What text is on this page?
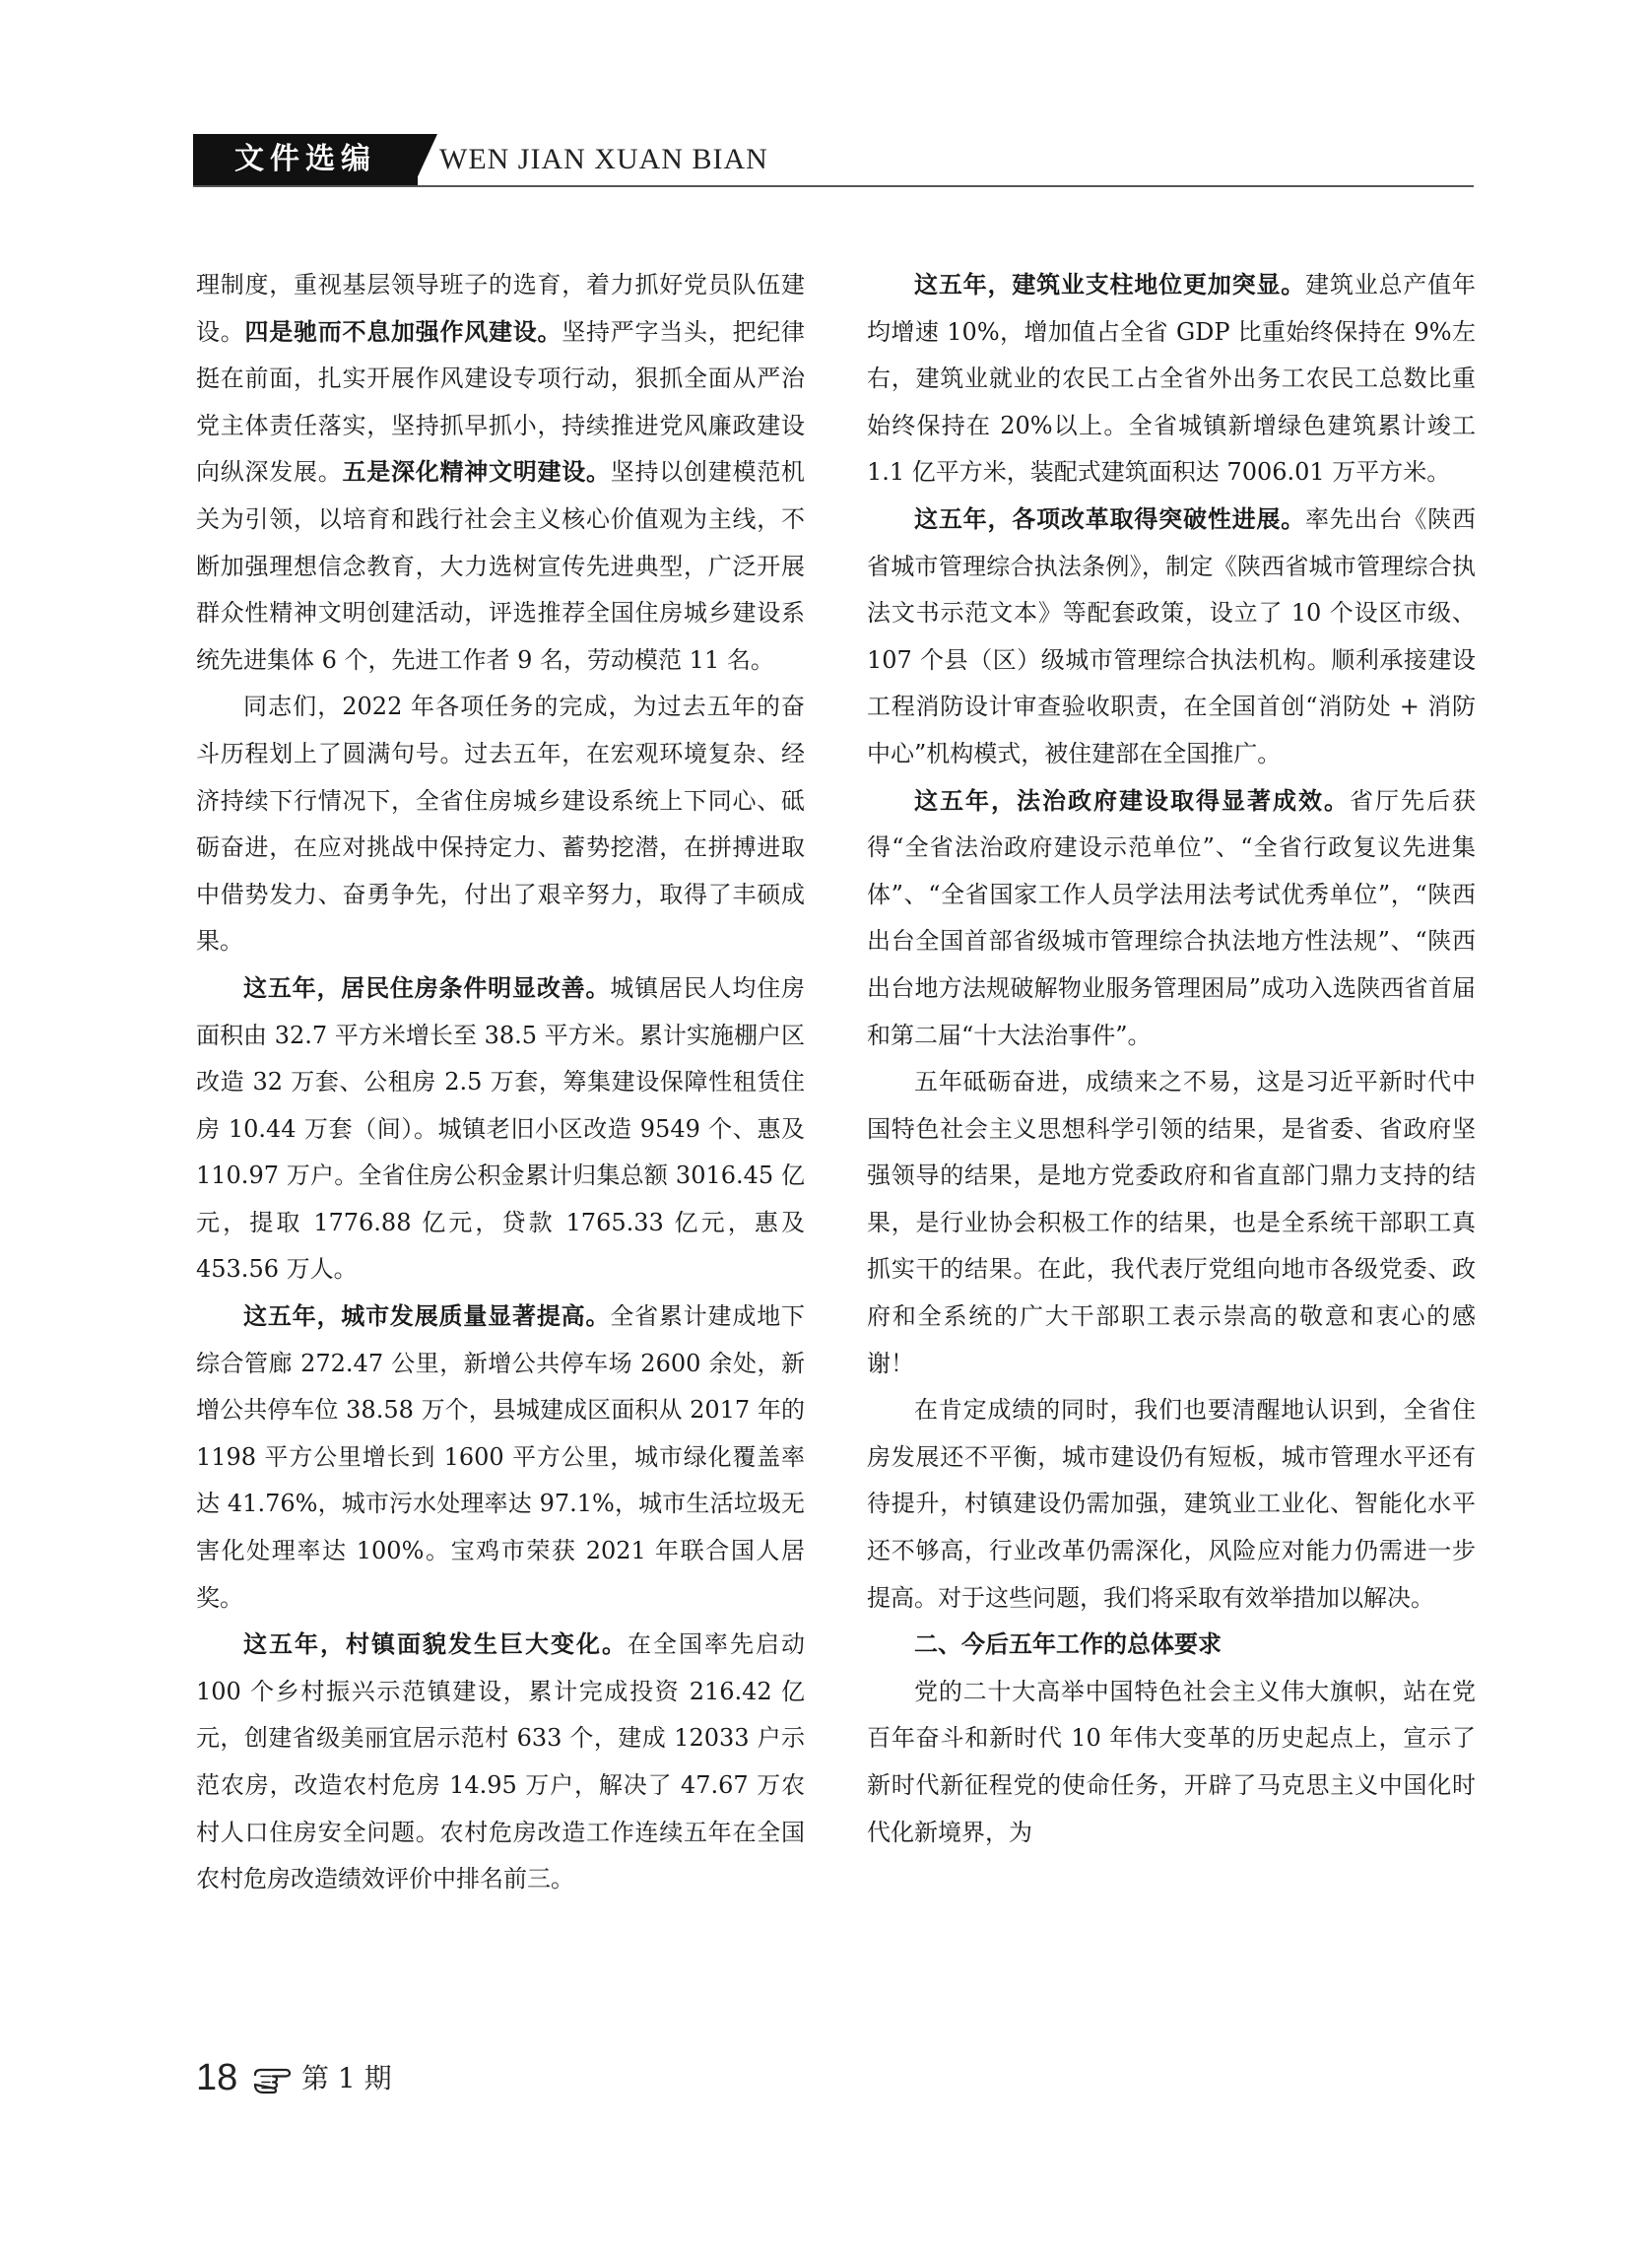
文件选编	WEN JIAN XUAN BIAN

理制度，重视基层领导班子的选育，着力抓好党员队伍建设。四是驰而不息加强作风建设。坚持严字当头，把纪律挺在前面，扎实开展作风建设专项行动，狠抓全面从严治党主体责任落实，坚持抓早抓小，持续推进党风廉政建设向纵深发展。五是深化精神文明建设。坚持以创建模范机关为引领，以培育和践行社会主义核心价值观为主线，不断加强理想信念教育，大力选树宣传先进典型，广泛开展群众性精神文明创建活动，评选推荐全国住房城乡建设系统先进集体 6 个，先进工作者 9 名，劳动模范 11 名。

同志们，2022 年各项任务的完成，为过去五年的奋斗历程划上了圆满句号。过去五年，在宏观环境复杂、经济持续下行情况下，全省住房城乡建设系统上下同心、砥砺奋进，在应对挑战中保持定力、蓄势挖潜，在拼搏进取中借势发力、奋勇争先，付出了艰辛努力，取得了丰硕成果。

这五年，居民住房条件明显改善。城镇居民人均住房面积由 32.7 平方米增长至 38.5 平方米。累计实施棚户区改造 32 万套、公租房 2.5 万套，筹集建设保障性租赁住房 10.44 万套（间）。城镇老旧小区改造 9549 个、惠及 110.97 万户。全省住房公积金累计归集总额 3016.45 亿元，提取 1776.88 亿元，贷款 1765.33 亿元，惠及 453.56 万人。

这五年，城市发展质量显著提高。全省累计建成地下综合管廊 272.47 公里，新增公共停车场 2600 余处，新增公共停车位 38.58 万个，县城建成区面积从 2017 年的 1198 平方公里增长到 1600 平方公里，城市绿化覆盖率达 41.76%，城市污水处理率达 97.1%，城市生活垃圾无害化处理率达 100%。宝鸡市荣获 2021 年联合国人居奖。

这五年，村镇面貌发生巨大变化。在全国率先启动 100 个乡村振兴示范镇建设，累计完成投资 216.42 亿元，创建省级美丽宜居示范村 633 个，建成 12033 户示范农房，改造农村危房 14.95 万户，解决了 47.67 万农村人口住房安全问题。农村危房改造工作连续五年在全国农村危房改造绩效评价中排名前三。

这五年，建筑业支柱地位更加突显。建筑业总产值年均增速 10%，增加值占全省 GDP 比重始终保持在 9%左右，建筑业就业的农民工占全省外出务工农民工总数比重始终保持在 20%以上。全省城镇新增绿色建筑累计竣工 1.1 亿平方米，装配式建筑面积达 7006.01 万平方米。

这五年，各项改革取得突破性进展。率先出台《陕西省城市管理综合执法条例》，制定《陕西省城市管理综合执法文书示范文本》等配套政策，设立了 10 个设区市级、107 个县（区）级城市管理综合执法机构。顺利承接建设工程消防设计审查验收职责，在全国首创“消防处 + 消防中心”机构模式，被住建部在全国推广。

这五年，法治政府建设取得显著成效。省厅先后获得“全省法治政府建设示范单位”、“全省行政复议先进集体”、“全省国家工作人员学法用法考试优秀单位”，“陕西出台全国首部省级城市管理综合执法地方性法规”、“陕西出台地方法规破解物业服务管理困局”成功入选陕西省首届和第二届“十大法治事件”。

五年砥砺奋进，成绩来之不易，这是习近平新时代中国特色社会主义思想科学引领的结果，是省委、省政府坚强领导的结果，是地方党委政府和省直部门鼎力支持的结果，是行业协会积极工作的结果，也是全系统干部职工真抓实干的结果。在此，我代表厅党组向地市各级党委、政府和全系统的广大干部职工表示崇高的敬意和衷心的感谢！

在肯定成绩的同时，我们也要清醒地认识到，全省住房发展还不平衡，城市建设仍有短板，城市管理水平还有待提升，村镇建设仍需加强，建筑业工业化、智能化水平还不够高，行业改革仍需深化，风险应对能力仍需进一步提高。对于这些问题，我们将采取有效举措加以解决。

二、今后五年工作的总体要求

党的二十大高举中国特色社会主义伟大旗帜，站在党百年奋斗和新时代 10 年伟大变革的历史起点上，宣示了新时代新征程党的使命任务，开辟了马克思主义中国化时代化新境界，为

18 第 1 期
